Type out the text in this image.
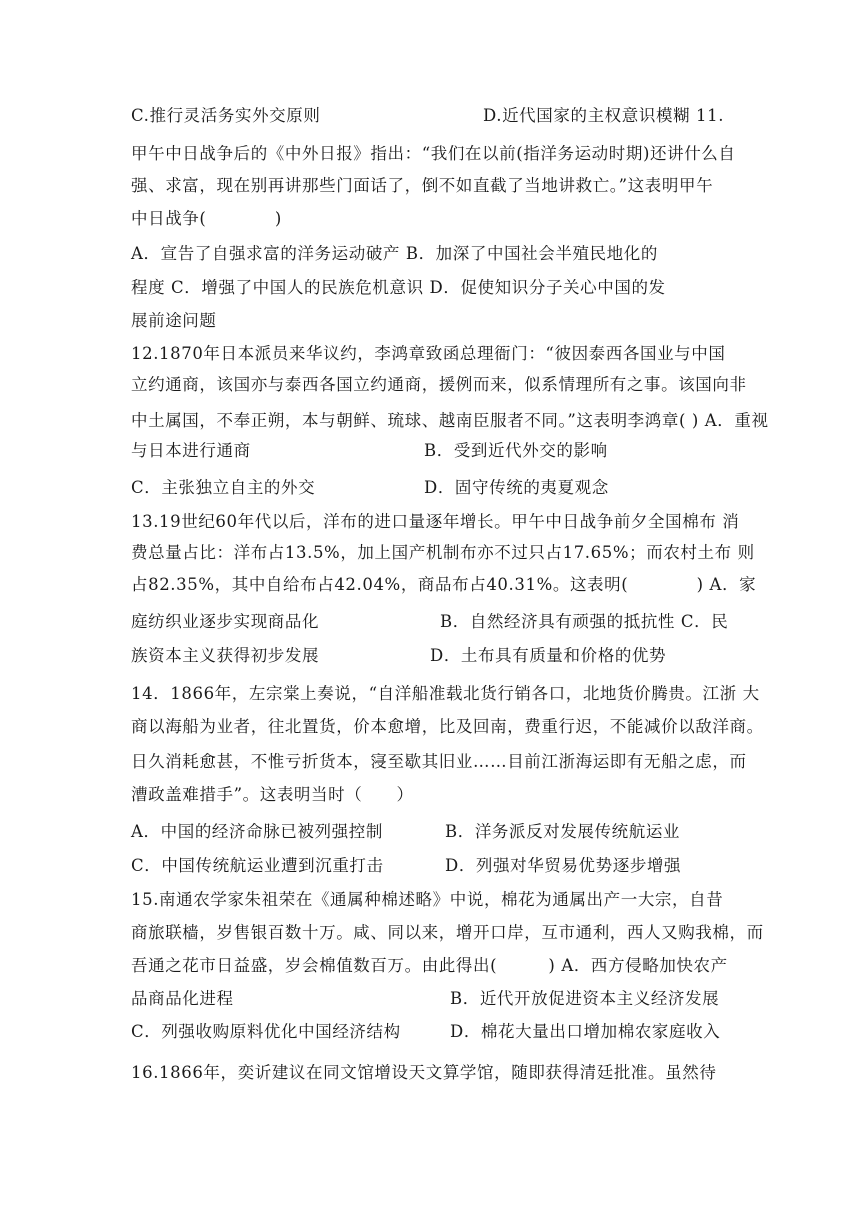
C.推行灵活务实外交原则	D.近代国家的主权意识模糊 11.
甲午中日战争后的《中外日报》指出：“我们在以前(指洋务运动时期)还讲什么自
强、求富，现在别再讲那些门面话了，倒不如直截了当地讲救亡。”这表明甲午
中日战争(　　　　)
A．宣告了自强求富的洋务运动破产 B．加深了中国社会半殖民地化的
程度 C．增强了中国人的民族危机意识 D．促使知识分子关心中国的发
展前途问题
12.1870年日本派员来华议约，李鸿章致函总理衙门：“彼因泰西各国业与中国
立约通商，该国亦与泰西各国立约通商，援例而来，似系情理所有之事。该国向非
中土属国，不奉正朔，本与朝鲜、琉球、越南臣服者不同。”这表明李鸿章( ) A．重视
与日本进行通商	B．受到近代外交的影响
C．主张独立自主的外交	D．固守传统的夷夏观念
13.19世纪60年代以后，洋布的进口量逐年增长。甲午中日战争前夕全国棉布 消
费总量占比：洋布占13.5%，加上国产机制布亦不过只占17.65%；而农村土布 则
占82.35%，其中自给布占42.04%，商品布占40.31%。这表明(　　　　) A．家
庭纺织业逐步实现商品化	B．自然经济具有顽强的抵抗性 C．民
族资本主义获得初步发展	D．土布具有质量和价格的优势
14．1866年，左宗棠上奏说，“自洋船准载北货行销各口，北地货价腾贵。江浙 大
商以海船为业者，往北置货，价本愈增，比及回南，费重行迟，不能减价以敌洋商。
日久消耗愈甚，不惟亏折货本，寖至歇其旧业……目前江浙海运即有无船之虑，而
漕政盖难措手”。这表明当时（　　）
A．中国的经济命脉已被列强控制	B．洋务派反对发展传统航运业
C．中国传统航运业遭到沉重打击	D．列强对华贸易优势逐步增强
15.南通农学家朱祖荣在《通属种棉述略》中说，棉花为通属出产一大宗，自昔
商旅联樯，岁售银百数十万。咸、同以来，增开口岸，互市通利，西人又购我棉，而
吾通之花市日益盛，岁会棉值数百万。由此得出(　　　) A．西方侵略加快农产
品商品化进程	B．近代开放促进资本主义经济发展
C．列强收购原料优化中国经济结构	D．棉花大量出口增加棉农家庭收入
16.1866年，奕䜣建议在同文馆增设天文算学馆，随即获得清廷批准。虽然待
